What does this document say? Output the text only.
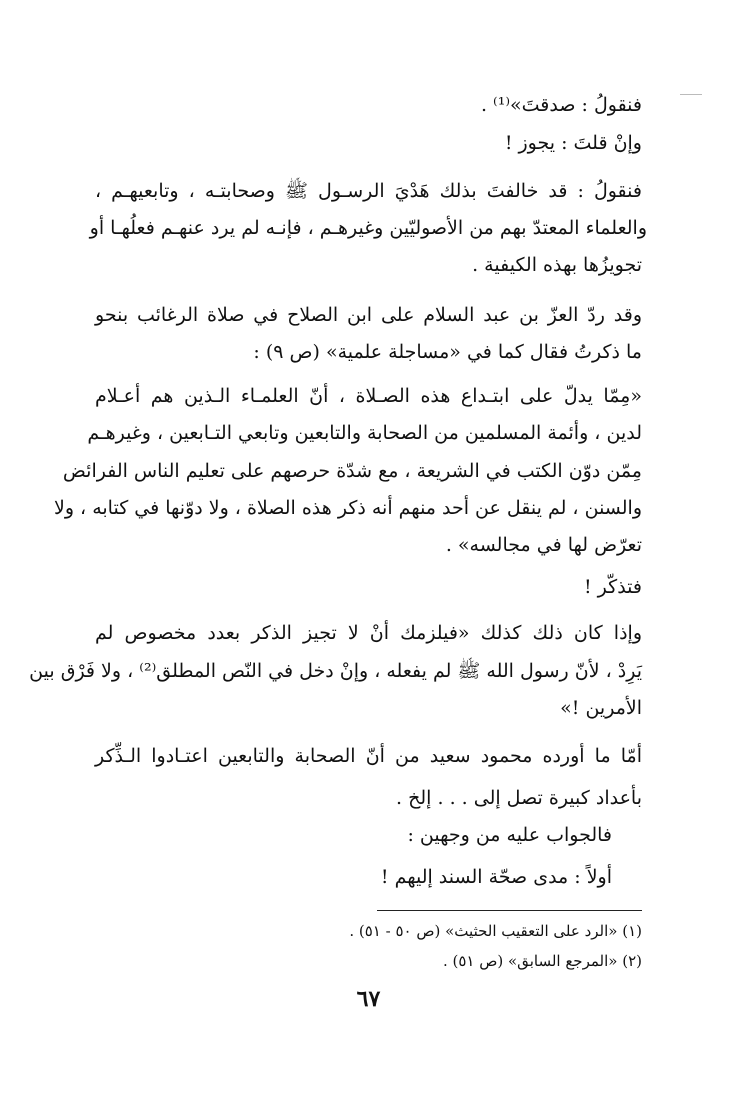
فنقولُ : صدقتَ»⁽¹⁾ .
وإنْ قلتَ : يجوز !
فنقولُ : قد خالفتَ بذلك هَدْيَ الرسـول ﷺ وصحابتـه ، وتابعيهـم ،
والعلماء المعتدّ بهم من الأصوليّين وغيرهـم ، فإنـه لم يرد عنهـم فعلُهـا أو
تجويزُها بهذه الكيفية .
وقد ردّ العزّ بن عبد السلام على ابن الصلاح في صلاة الرغائب بنحو
ما ذكرتُ فقال كما في «مساجلة علمية» (ص ٩) :
«مِمّا يدلّ على ابتـداع هذه الصـلاة ، أنّ العلمـاء الـذين هم أعـلام
لدين ، وأئمة المسلمين من الصحابة والتابعين وتابعي التـابعين ، وغيرهـم
مِمّن دوّن الكتب في الشريعة ، مع شدّة حرصهم على تعليم الناس الفرائض
والسنن ، لم ينقل عن أحد منهم أنه ذكر هذه الصلاة ، ولا دوّنها في كتابه ، ولا
تعرّض لها في مجالسه» .
فتذكّر !
وإذا كان ذلك كذلك «فيلزمك أنْ لا تجيز الذكر بعدد مخصوص لم
يَرِدْ ، لأنّ رسول الله ﷺ لم يفعله ، وإنْ دخل في النّص المطلق⁽²⁾ ، ولا فَرْق بين
الأمرين !»
أمّا ما أورده محمود سعيد من أنّ الصحابة والتابعين اعتـادوا الـذِّكر
بأعداد كبيرة تصل إلى . . . إلخ .
فالجواب عليه من وجهين :
أولاً : مدى صحّة السند إليهم !
(١) «الرد على التعقيب الحثيث» (ص ٥٠ - ٥١) .
(٢) «المرجع السابق» (ص ٥١) .
٦٧
